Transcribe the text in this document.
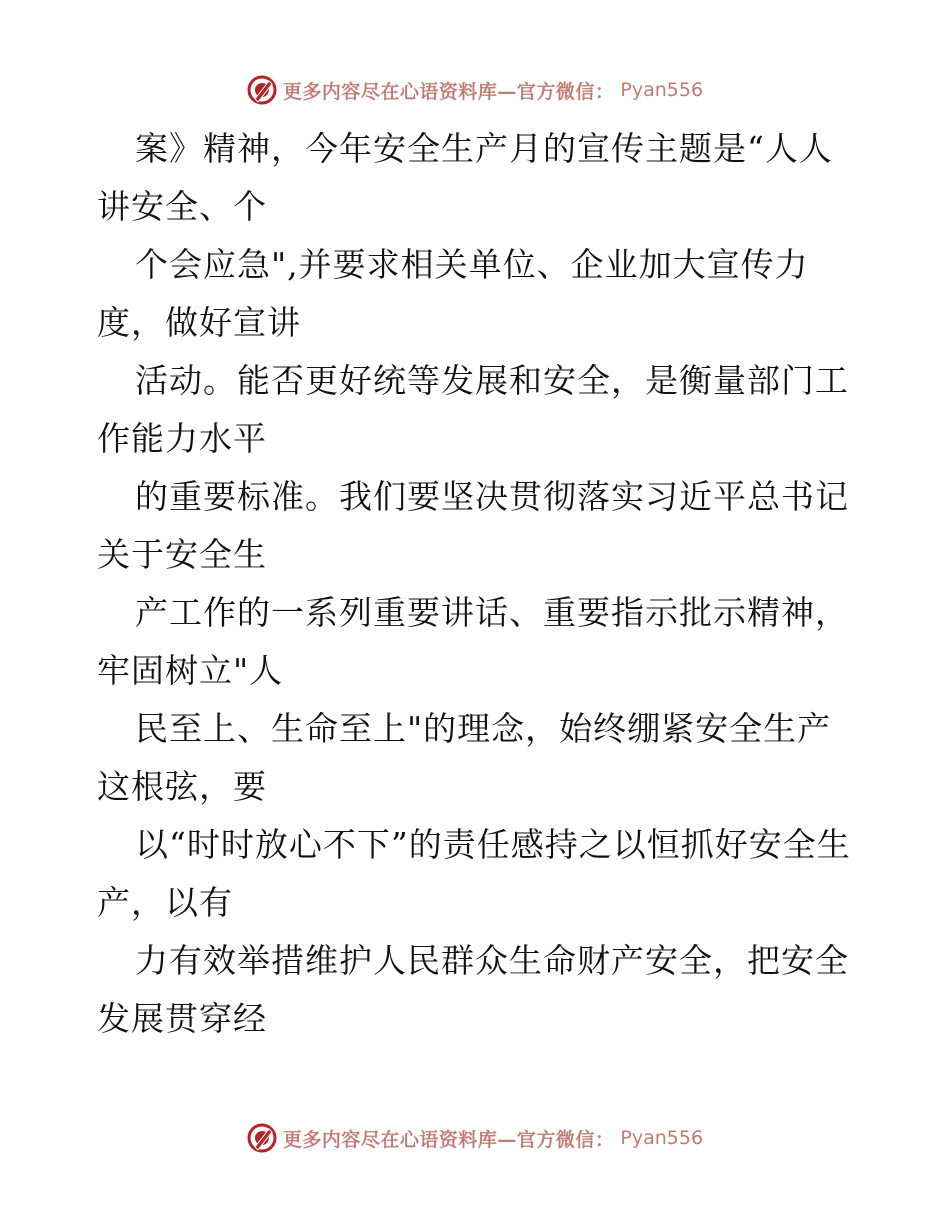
更多内容尽在心语资料库—官方微信： Pyan556

案》精神，今年安全生产月的宣传主题是“人人讲安全、个

个会应急",并要求相关单位、企业加大宣传力度，做好宣讲

活动。能否更好统等发展和安全，是衡量部门工作能力水平

的重要标准。我们要坚决贯彻落实习近平总书记关于安全生

产工作的一系列重要讲话、重要指示批示精神，牢固树立"人

民至上、生命至上"的理念，始终绷紧安全生产这根弦，要

以“时时放心不下”的责任感持之以恒抓好安全生产，以有

力有效举措维护人民群众生命财产安全，把安全发展贯穿经

更多内容尽在心语资料库—官方微信： Pyan556
